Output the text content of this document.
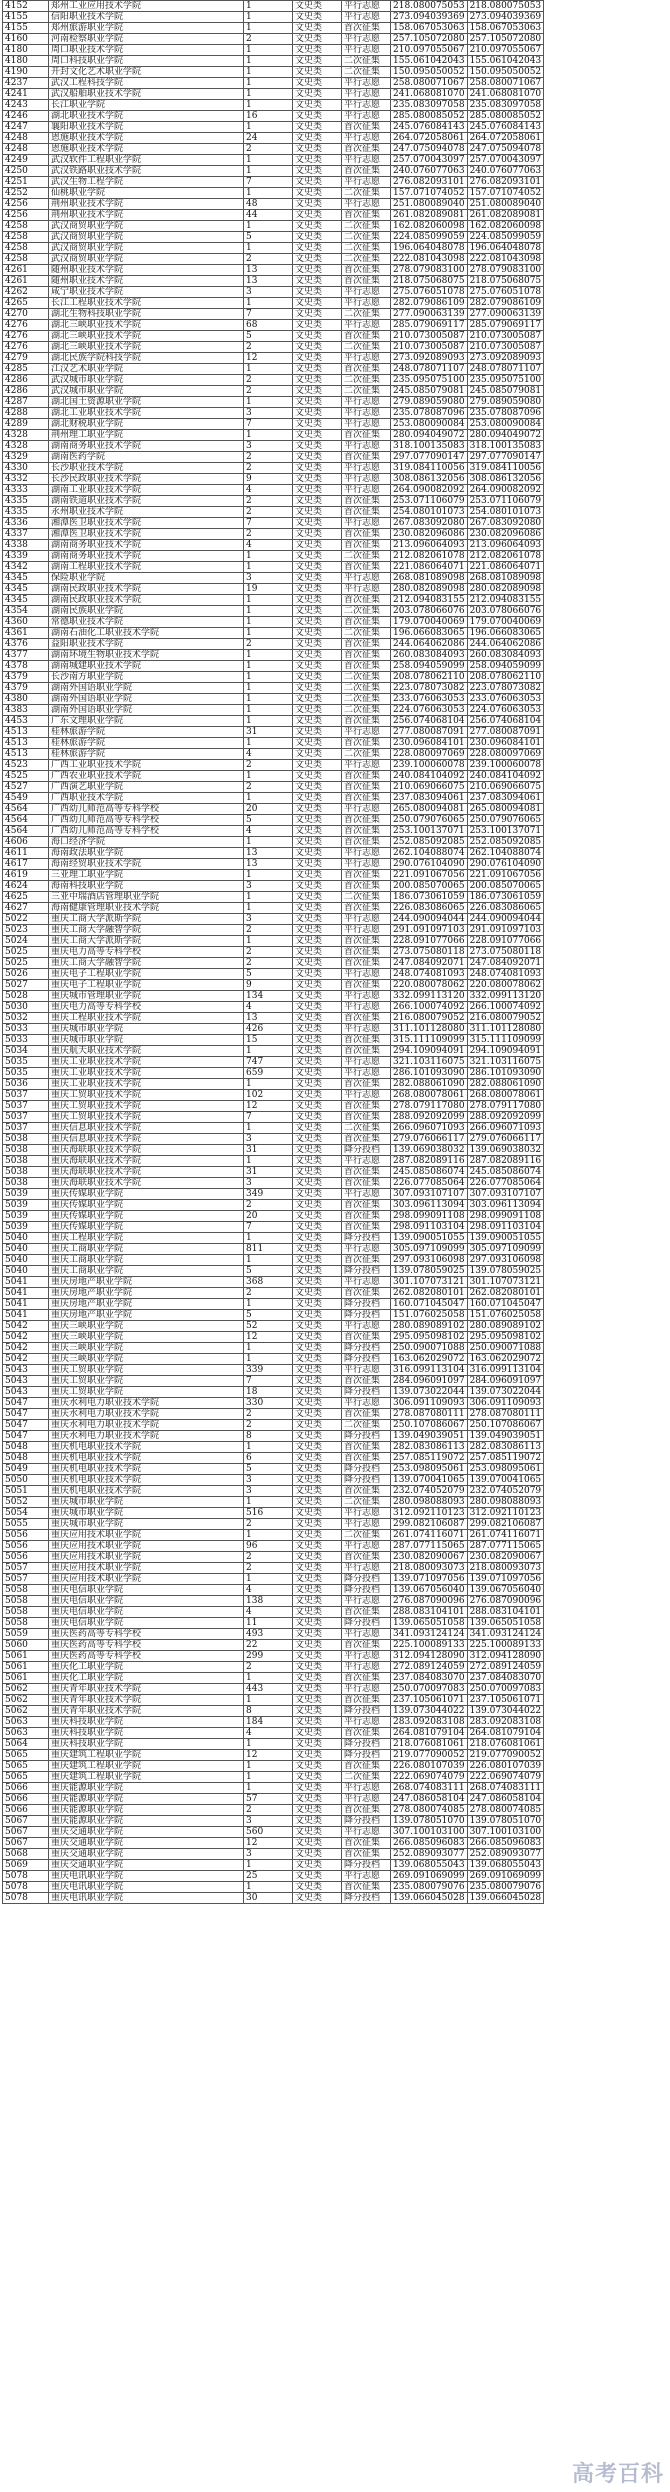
4152	郑州工业应用技术学院	1	文史类	平行志愿	218.080075053	218.080075053
4155	信阳职业技术学院	1	文史类	平行志愿	273.094039369	273.094039369
4155	郑州旅游职业学院	1	文史类	首次征集	158.067053063	158.067053063
4160	河南检察职业学院	2	文史类	平行志愿	257.105072080	257.105072080
4180	周口职业技术学院	1	文史类	平行志愿	210.097055067	210.097055067
4180	周口科技职业学院	1	文史类	二次征集	155.061042043	155.061042043
4190	开封文化艺术职业学院	1	文史类	二次征集	150.095050052	150.095050052
4237	武汉工程科技学院	1	文史类	平行志愿	258.080071067	258.080071067
4241	武汉船舶职业技术学院	1	文史类	平行志愿	241.068081070	241.068081070
4243	长江职业学院	1	文史类	平行志愿	235.083097058	235.083097058
4246	湖北职业技术学院	16	文史类	平行志愿	285.080085052	285.080085052
4247	襄阳职业技术学院	1	文史类	首次征集	245.076084143	245.076084143
4248	恩施职业技术学院	24	文史类	平行志愿	264.072058061	264.072058061
4248	恩施职业技术学院	2	文史类	首次征集	247.075094078	247.075094078
4249	武汉软件工程职业学院	1	文史类	平行志愿	257.070043097	257.070043097
4250	武汉铁路职业技术学院	1	文史类	首次征集	240.076077063	240.076077063
4251	武汉生物工程学院	7	文史类	平行志愿	276.082093101	276.082093101
4252	仙桃职业学院	1	文史类	二次征集	157.071074052	157.071074052
4256	荆州职业技术学院	48	文史类	平行志愿	251.080089040	251.080089040
4256	荆州职业技术学院	44	文史类	首次征集	261.082089081	261.082089081
4258	武汉商贸职业学院	1	文史类	二次征集	162.082060098	162.082060098
4258	武汉商贸职业学院	5	文史类	二次征集	224.085099059	224.085099059
4258	武汉商贸职业学院	1	文史类	二次征集	196.064048078	196.064048078
4258	武汉商贸职业学院	2	文史类	二次征集	222.081043098	222.081043098
4261	随州职业技术学院	13	文史类	首次征集	278.079083100	278.079083100
4261	随州职业技术学院	13	文史类	首次征集	218.075068075	218.075068075
4262	咸宁职业技术学院	3	文史类	平行志愿	275.076051078	275.076051078
4265	长江工程职业技术学院	1	文史类	平行志愿	282.079086109	282.079086109
4270	湖北生物科技职业学院	7	文史类	二次征集	277.090063139	277.090063139
4276	湖北三峡职业技术学院	68	文史类	平行志愿	285.079069117	285.079069117
4276	湖北三峡职业技术学院	5	文史类	首次征集	210.073005087	210.073005087
4276	湖北三峡职业技术学院	2	文史类	二次征集	210.073005087	210.073005087
4279	湖北民族学院科技学院	12	文史类	平行志愿	273.092089093	273.092089093
4285	江汉艺术职业学院	1	文史类	首次征集	248.078071107	248.078071107
4286	武汉城市职业学院	2	文史类	二次征集	235.095075100	235.095075100
4286	武汉城市职业学院	2	文史类	二次征集	245.085079081	245.085079081
4287	湖北国土资源职业学院	1	文史类	平行志愿	279.089059080	279.089059080
4288	湖北工业职业技术学院	3	文史类	平行志愿	235.078087096	235.078087096
4289	湖北财税职业学院	7	文史类	平行志愿	253.080090084	253.080090084
4328	荆州理工职业学院	1	文史类	首次征集	280.094049072	280.094049072
4328	湖南商务职业技术学院	3	文史类	平行志愿	318.100135083	318.100135083
4329	湖南医药学院	2	文史类	首次征集	297.077090147	297.077090147
4330	长沙职业技术学院	2	文史类	平行志愿	319.084110056	319.084110056
4332	长沙民政职业技术学院	9	文史类	平行志愿	308.086132056	308.086132056
4333	湖南工业职业技术学院	4	文史类	平行志愿	264.090082092	264.090082092
4335	湖南铁道职业技术学院	2	文史类	首次征集	253.071106079	253.071106079
4335	永州职业技术学院	2	文史类	首次征集	254.080101073	254.080101073
4336	湘潭医卫职业技术学院	7	文史类	平行志愿	267.083092080	267.083092080
4337	湘潭医卫职业技术学院	2	文史类	首次征集	230.082096086	230.082096086
4338	湖南商务职业技术学院	4	文史类	首次征集	213.096064093	213.096064093
4339	湖南商务职业技术学院	1	文史类	二次征集	212.082061078	212.082061078
4342	湖南工程职业技术学院	1	文史类	首次征集	221.086064071	221.086064071
4345	保险职业学院	3	文史类	平行志愿	268.081089098	268.081089098
4345	湖南民政职业技术学院	19	文史类	平行志愿	280.082089098	280.082089098
4345	湖南民政职业技术学院	1	文史类	首次征集	212.094083155	212.094083155
4354	湖南民族职业学院	1	文史类	二次征集	203.078066076	203.078066076
4360	常德职业技术学院	1	文史类	首次征集	179.070040069	179.070040069
4361	湖南石油化工职业技术学院	1	文史类	二次征集	196.066083065	196.066083065
4376	益阳职业技术学院	2	文史类	首次征集	244.064062086	244.064062086
4377	湖南环境生物职业技术学院	1	文史类	首次征集	260.083084093	260.083084093
4378	湖南城建职业技术学院	1	文史类	首次征集	258.094059099	258.094059099
4379	长沙南方职业学院	1	文史类	二次征集	208.078062110	208.078062110
4379	湖南外国语职业学院	1	文史类	二次征集	223.078073082	223.078073082
4380	湖南外国语职业学院	1	文史类	二次征集	233.076063053	233.076063053
4383	湖南外国语职业学院	1	文史类	二次征集	224.076063053	224.076063053
4453	广东文理职业学院	1	文史类	首次征集	256.074068104	256.074068104
4513	桂林旅游学院	31	文史类	平行志愿	277.080087091	277.080087091
4513	桂林旅游学院	1	文史类	首次征集	230.096084101	230.096084101
4513	桂林旅游学院	4	文史类	二次征集	228.080097069	228.080097069
4523	广西工业职业技术学院	2	文史类	平行志愿	239.100060078	239.100060078
4525	广西农业职业技术学院	1	文史类	首次征集	240.084104092	240.084104092
4527	广西演艺职业学院	2	文史类	首次征集	210.069066075	210.069066075
4549	广西职业技术学院	1	文史类	首次征集	237.083094061	237.083094061
4564	广西幼儿师范高等专科学校	20	文史类	平行志愿	265.080094081	265.080094081
4564	广西幼儿师范高等专科学校	5	文史类	首次征集	250.079076065	250.079076065
4564	广西幼儿师范高等专科学校	4	文史类	首次征集	253.100137071	253.100137071
4606	海口经济学院	1	文史类	首次征集	252.085092085	252.085092085
4611	海南政法职业学院	13	文史类	平行志愿	262.104088074	262.104088074
4617	海南经贸职业技术学院	13	文史类	平行志愿	290.076104090	290.076104090
4619	三亚理工职业学院	1	文史类	首次征集	221.091067056	221.091067056
4624	海南科技职业学院	3	文史类	首次征集	200.085070065	200.085070065
4625	三亚中瑞酒店管理职业学院	1	文史类	二次征集	186.073061059	186.073061059
4627	海南健康管理职业技术学院	1	文史类	首次征集	226.083086065	226.083086065
5022	重庆工商大学派斯学院	3	文史类	平行志愿	244.090094044	244.090094044
5023	重庆工商大学融智学院	2	文史类	平行志愿	291.091097103	291.091097103
5024	重庆工商大学派斯学院	1	文史类	首次征集	228.091077066	228.091077066
5025	重庆电力高等专科学校	2	文史类	首次征集	273.075080118	273.075080118
5025	重庆工商大学融智学院	2	文史类	首次征集	247.084092071	247.084092071
5026	重庆电子工程职业学院	5	文史类	平行志愿	248.074081093	248.074081093
5027	重庆电子工程职业学院	9	文史类	首次征集	220.080078062	220.080078062
5028	重庆城市管理职业学院	134	文史类	平行志愿	332.099113120	332.099113120
5030	重庆电力高等专科学校	4	文史类	平行志愿	266.100074092	266.100074092
5032	重庆工程职业技术学院	13	文史类	首次征集	216.080079052	216.080079052
5033	重庆城市职业学院	426	文史类	平行志愿	311.101128080	311.101128080
5033	重庆城市职业学院	15	文史类	首次征集	315.111109099	315.111109099
5034	重庆航天职业技术学院	1	文史类	首次征集	294.109094091	294.109094091
5035	重庆工业职业技术学院	747	文史类	平行志愿	321.103116075	321.103116075
5035	重庆工业职业技术学院	659	文史类	平行志愿	286.101093090	286.101093090
5036	重庆工业职业技术学院	1	文史类	首次征集	282.088061090	282.088061090
5037	重庆工贸职业技术学院	102	文史类	平行志愿	268.080078061	268.080078061
5037	重庆工贸职业技术学院	12	文史类	首次征集	278.079117080	278.079117080
5037	重庆工贸职业技术学院	7	文史类	首次征集	288.092092099	288.092092099
5037	重庆信息职业技术学院	1	文史类	二次征集	266.096071093	266.096071093
5038	重庆信息职业技术学院	3	文史类	首次征集	279.076066117	279.076066117
5038	重庆海联职业技术学院	31	文史类	降分投档	139.069038032	139.069038032
5038	重庆海联职业技术学院	1	文史类	平行志愿	287.082089116	287.082089116
5038	重庆海联职业技术学院	31	文史类	首次征集	245.085086074	245.085086074
5038	重庆海联职业技术学院	3	文史类	首次征集	226.077085064	226.077085064
5039	重庆传媒职业学院	349	文史类	平行志愿	307.093107107	307.093107107
5039	重庆传媒职业学院	2	文史类	首次征集	303.096113094	303.096113094
5039	重庆传媒职业学院	20	文史类	首次征集	298.099091108	298.099091108
5039	重庆传媒职业学院	7	文史类	首次征集	298.091103104	298.091103104
5040	重庆工程职业学院	1	文史类	降分投档	139.090051055	139.090051055
5040	重庆工商职业学院	811	文史类	平行志愿	305.097109099	305.097109099
5040	重庆工商职业学院	1	文史类	首次征集	297.093106098	297.093106098
5040	重庆工商职业学院	5	文史类	降分投档	139.078059025	139.078059025
5041	重庆房地产职业学院	368	文史类	平行志愿	301.107073121	301.107073121
5041	重庆房地产职业学院	2	文史类	首次征集	262.082080101	262.082080101
5041	重庆房地产职业学院	1	文史类	降分投档	160.071045047	160.071045047
5041	重庆房地产职业学院	5	文史类	降分投档	151.076025058	151.076025058
5042	重庆三峡职业学院	52	文史类	平行志愿	280.089089102	280.089089102
5042	重庆三峡职业学院	12	文史类	首次征集	295.095098102	295.095098102
5042	重庆三峡职业学院	1	文史类	降分投档	250.090071088	250.090071088
5042	重庆三峡职业学院	1	文史类	降分投档	163.062029072	163.062029072
5043	重庆工贸职业学院	339	文史类	平行志愿	316.099113104	316.099113104
5043	重庆工贸职业学院	7	文史类	首次征集	284.096091097	284.096091097
5043	重庆工贸职业学院	18	文史类	降分投档	139.073022044	139.073022044
5047	重庆水利电力职业技术学院	330	文史类	平行志愿	306.091109093	306.091109093
5047	重庆水利电力职业技术学院	2	文史类	首次征集	278.087080111	278.087080111
5047	重庆水利电力职业技术学院	2	文史类	二次征集	250.107086067	250.107086067
5047	重庆水利电力职业技术学院	8	文史类	降分投档	139.049039051	139.049039051
5048	重庆机电职业技术学院	1	文史类	首次征集	282.083086113	282.083086113
5048	重庆机电职业技术学院	6	文史类	首次征集	257.085119072	257.085119072
5049	重庆机电职业技术学院	5	文史类	降分投档	253.098095061	253.098095061
5050	重庆机电职业技术学院	3	文史类	降分投档	139.070041065	139.070041065
5051	重庆机电职业技术学院	3	文史类	首次征集	232.074052079	232.074052079
5052	重庆城市职业学院	1	文史类	二次征集	280.098088093	280.098088093
5054	重庆城市职业学院	516	文史类	平行志愿	312.092110123	312.092110123
5055	重庆城市职业学院	2	文史类	平行志愿	299.082106087	299.082106087
5056	重庆应用技术职业学院	1	文史类	二次征集	261.074116071	261.074116071
5056	重庆应用技术职业学院	96	文史类	平行志愿	287.077115065	287.077115065
5056	重庆应用技术职业学院	2	文史类	首次征集	230.082090067	230.082090067
5057	重庆应用技术职业学院	2	文史类	平行志愿	218.080093073	218.080093073
5057	重庆应用技术职业学院	1	文史类	降分投档	139.071097056	139.071097056
5058	重庆电信职业学院	4	文史类	降分投档	139.067056040	139.067056040
5058	重庆电信职业学院	138	文史类	平行志愿	276.087090096	276.087090096
5058	重庆电信职业学院	4	文史类	首次征集	288.083104101	288.083104101
5058	重庆电信职业学院	11	文史类	降分投档	139.065051058	139.065051058
5059	重庆医药高等专科学校	493	文史类	平行志愿	341.093124124	341.093124124
5060	重庆医药高等专科学校	22	文史类	首次征集	225.100089133	225.100089133
5061	重庆医药高等专科学校	299	文史类	平行志愿	312.094128090	312.094128090
5061	重庆化工职业学院	2	文史类	平行志愿	272.089124059	272.089124059
5061	重庆化工职业学院	1	文史类	首次征集	237.084083070	237.084083070
5062	重庆青年职业技术学院	443	文史类	平行志愿	250.070097083	250.070097083
5062	重庆青年职业技术学院	1	文史类	首次征集	237.105061071	237.105061071
5062	重庆青年职业技术学院	8	文史类	降分投档	139.073044022	139.073044022
5063	重庆科技职业学院	184	文史类	平行志愿	283.092083108	283.092083108
5063	重庆科技职业学院	4	文史类	首次征集	264.081079104	264.081079104
5064	重庆科技职业学院	1	文史类	降分投档	218.076081061	218.076081061
5065	重庆建筑工程职业学院	12	文史类	降分投档	219.077090052	219.077090052
5065	重庆建筑工程职业学院	1	文史类	首次征集	226.080107039	226.080107039
5065	重庆建筑工程职业学院	1	文史类	二次征集	222.069074079	222.069074079
5066	重庆能源职业学院	1	文史类	平行志愿	268.074083111	268.074083111
5066	重庆能源职业学院	57	文史类	平行志愿	247.086058104	247.086058104
5066	重庆能源职业学院	2	文史类	首次征集	278.080074085	278.080074085
5067	重庆能源职业学院	3	文史类	降分投档	139.078051070	139.078051070
5067	重庆交通职业学院	560	文史类	平行志愿	307.100103100	307.100103100
5067	重庆交通职业学院	12	文史类	首次征集	266.085096083	266.085096083
5068	重庆交通职业学院	3	文史类	首次征集	252.089093077	252.089093077
5069	重庆交通职业学院	1	文史类	降分投档	139.068055043	139.068055043
5078	重庆电讯职业学院	25	文史类	平行志愿	269.091069099	269.091069099
5078	重庆电讯职业学院	1	文史类	首次征集	235.080079076	235.080079076
5078	重庆电讯职业学院	30	文史类	降分投档	139.066045028	139.066045028
高考百科
